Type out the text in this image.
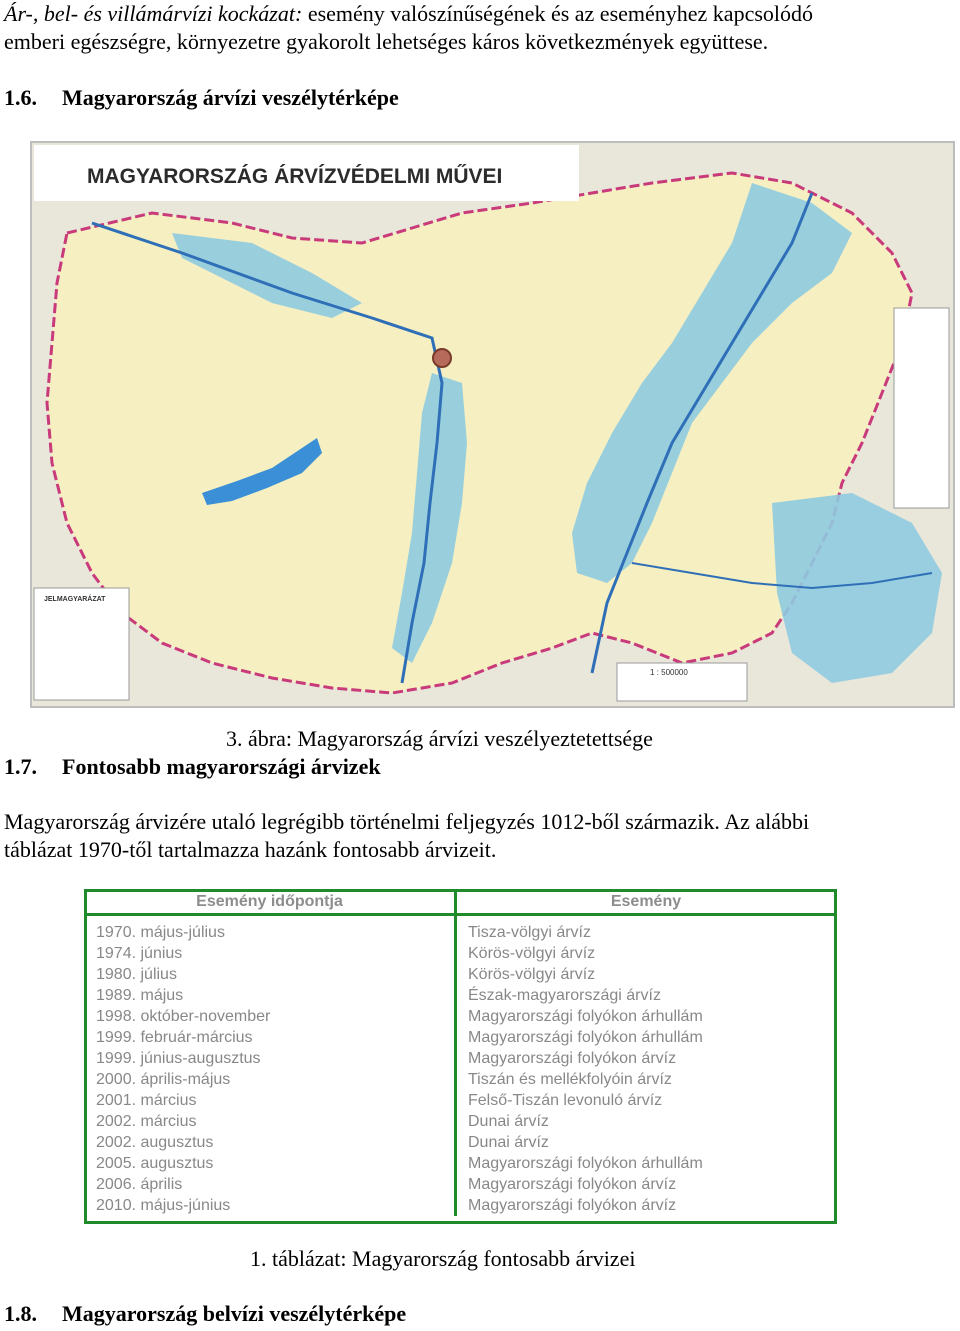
Ár-, bel- és villámárvízi kockázat: esemény valószínűségének és az eseményhez kapcsolódó
emberi egészségre, környezetre gyakorolt lehetséges káros következmények együttese.

1.6. Magyarország árvízi veszélytérképe
MAGYARORSZÁG ÁRVÍZVÉDELMI MŰVEI
JELMAGYARÁZAT
1 : 500000

3. ábra: Magyarország árvízi veszélyeztetettsége

1.7. Fontosabb magyarországi árvizek

Magyarország árvizére utaló legrégibb történelmi feljegyzés 1012-ből származik. Az alábbi
táblázat 1970-től tartalmazza hazánk fontosabb árvizeit.

Esemény időpontja	Esemény
1970. május-július	Tisza-völgyi árvíz
1974. június	Körös-völgyi árvíz
1980. július	Körös-völgyi árvíz
1989. május	Észak-magyarországi árvíz
1998. október-november	Magyarországi folyókon árhullám
1999. február-március	Magyarországi folyókon árhullám
1999. június-augusztus	Magyarországi folyókon árvíz
2000. április-május	Tiszán és mellékfolyóin árvíz
2001. március	Felső-Tiszán levonuló árvíz
2002. március	Dunai árvíz
2002. augusztus	Dunai árvíz
2005. augusztus	Magyarországi folyókon árhullám
2006. április	Magyarországi folyókon árvíz
2010. május-június	Magyarországi folyókon árvíz

1. táblázat: Magyarország fontosabb árvizei

1.8. Magyarország belvízi veszélytérképe
